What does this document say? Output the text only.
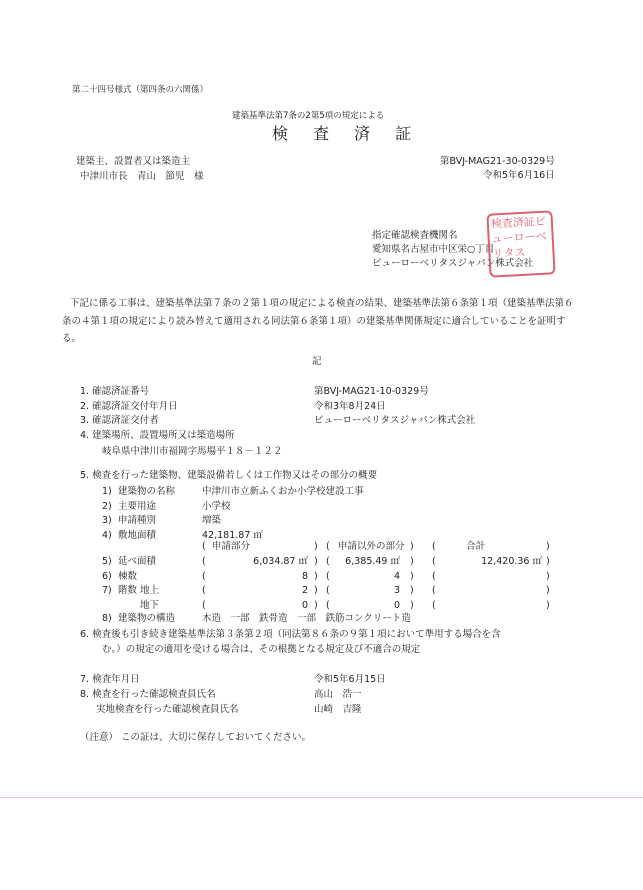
第二十四号様式（第四条の六関係）
建築基準法第7条の2第5項の規定による
検 査 済 証
建築主、設置者又は築造主
中津川市長　青山　節児　様
第BVJ-MAG21-30-0329号
令和5年6月16日
指定確認検査機関名
愛知県名古屋市中区栄○丁目
ビューローベリタスジャパン株式会社
検査済証ビューローベリタス
下記に係る工事は、建築基準法第７条の２第１項の規定による検査の結果、建築基準法第６条第１項（建築基準法第６条の４第１項の規定により読み替えて適用される同法第６条第１項）の建築基準関係規定に適合していることを証明する。
記
1. 確認済証番号	第BVJ-MAG21-10-0329号
2. 確認済証交付年月日	令和3年8月24日
3. 確認済証交付者	ビューローベリタスジャパン株式会社
4. 建築場所、設置場所又は築造場所
岐阜県中津川市福岡字馬場平１８－１２２
5. 検査を行った建築物、建築設備若しくは工作物又はその部分の概要
1) 建築物の名称	中津川市立新ふくおか小学校建設工事
2) 主要用途	小学校
3) 申請種別	増築
4) 敷地面積	42,181.87 ㎡
申請部分	申請以外の部分	合計
5) 延べ面積	6,034.87 ㎡	6,385.49 ㎡	12,420.36 ㎡
6) 棟数	8	4
7) 階数 地上	2	3
地下	0	0
(	) (	) (	)
(	) (	) (	)
(	) (	) (	)
(	) (	) (	)
8) 建築物の構造	木造　一部　鉄骨造　一部　鉄筋コンクリート造
6. 検査後も引き続き建築基準法第３条第２項（同法第８６条の９第１項において準用する場合を含
む。）の規定の適用を受ける場合は、その根拠となる規定及び不適合の規定
7. 検査年月日	令和5年6月15日
8. 検査を行った確認検査員氏名	高山　浩一
実地検査を行った確認検査員氏名	山崎　吉隆
（注意） この証は、大切に保存しておいてください。
(	) (	) (	)
